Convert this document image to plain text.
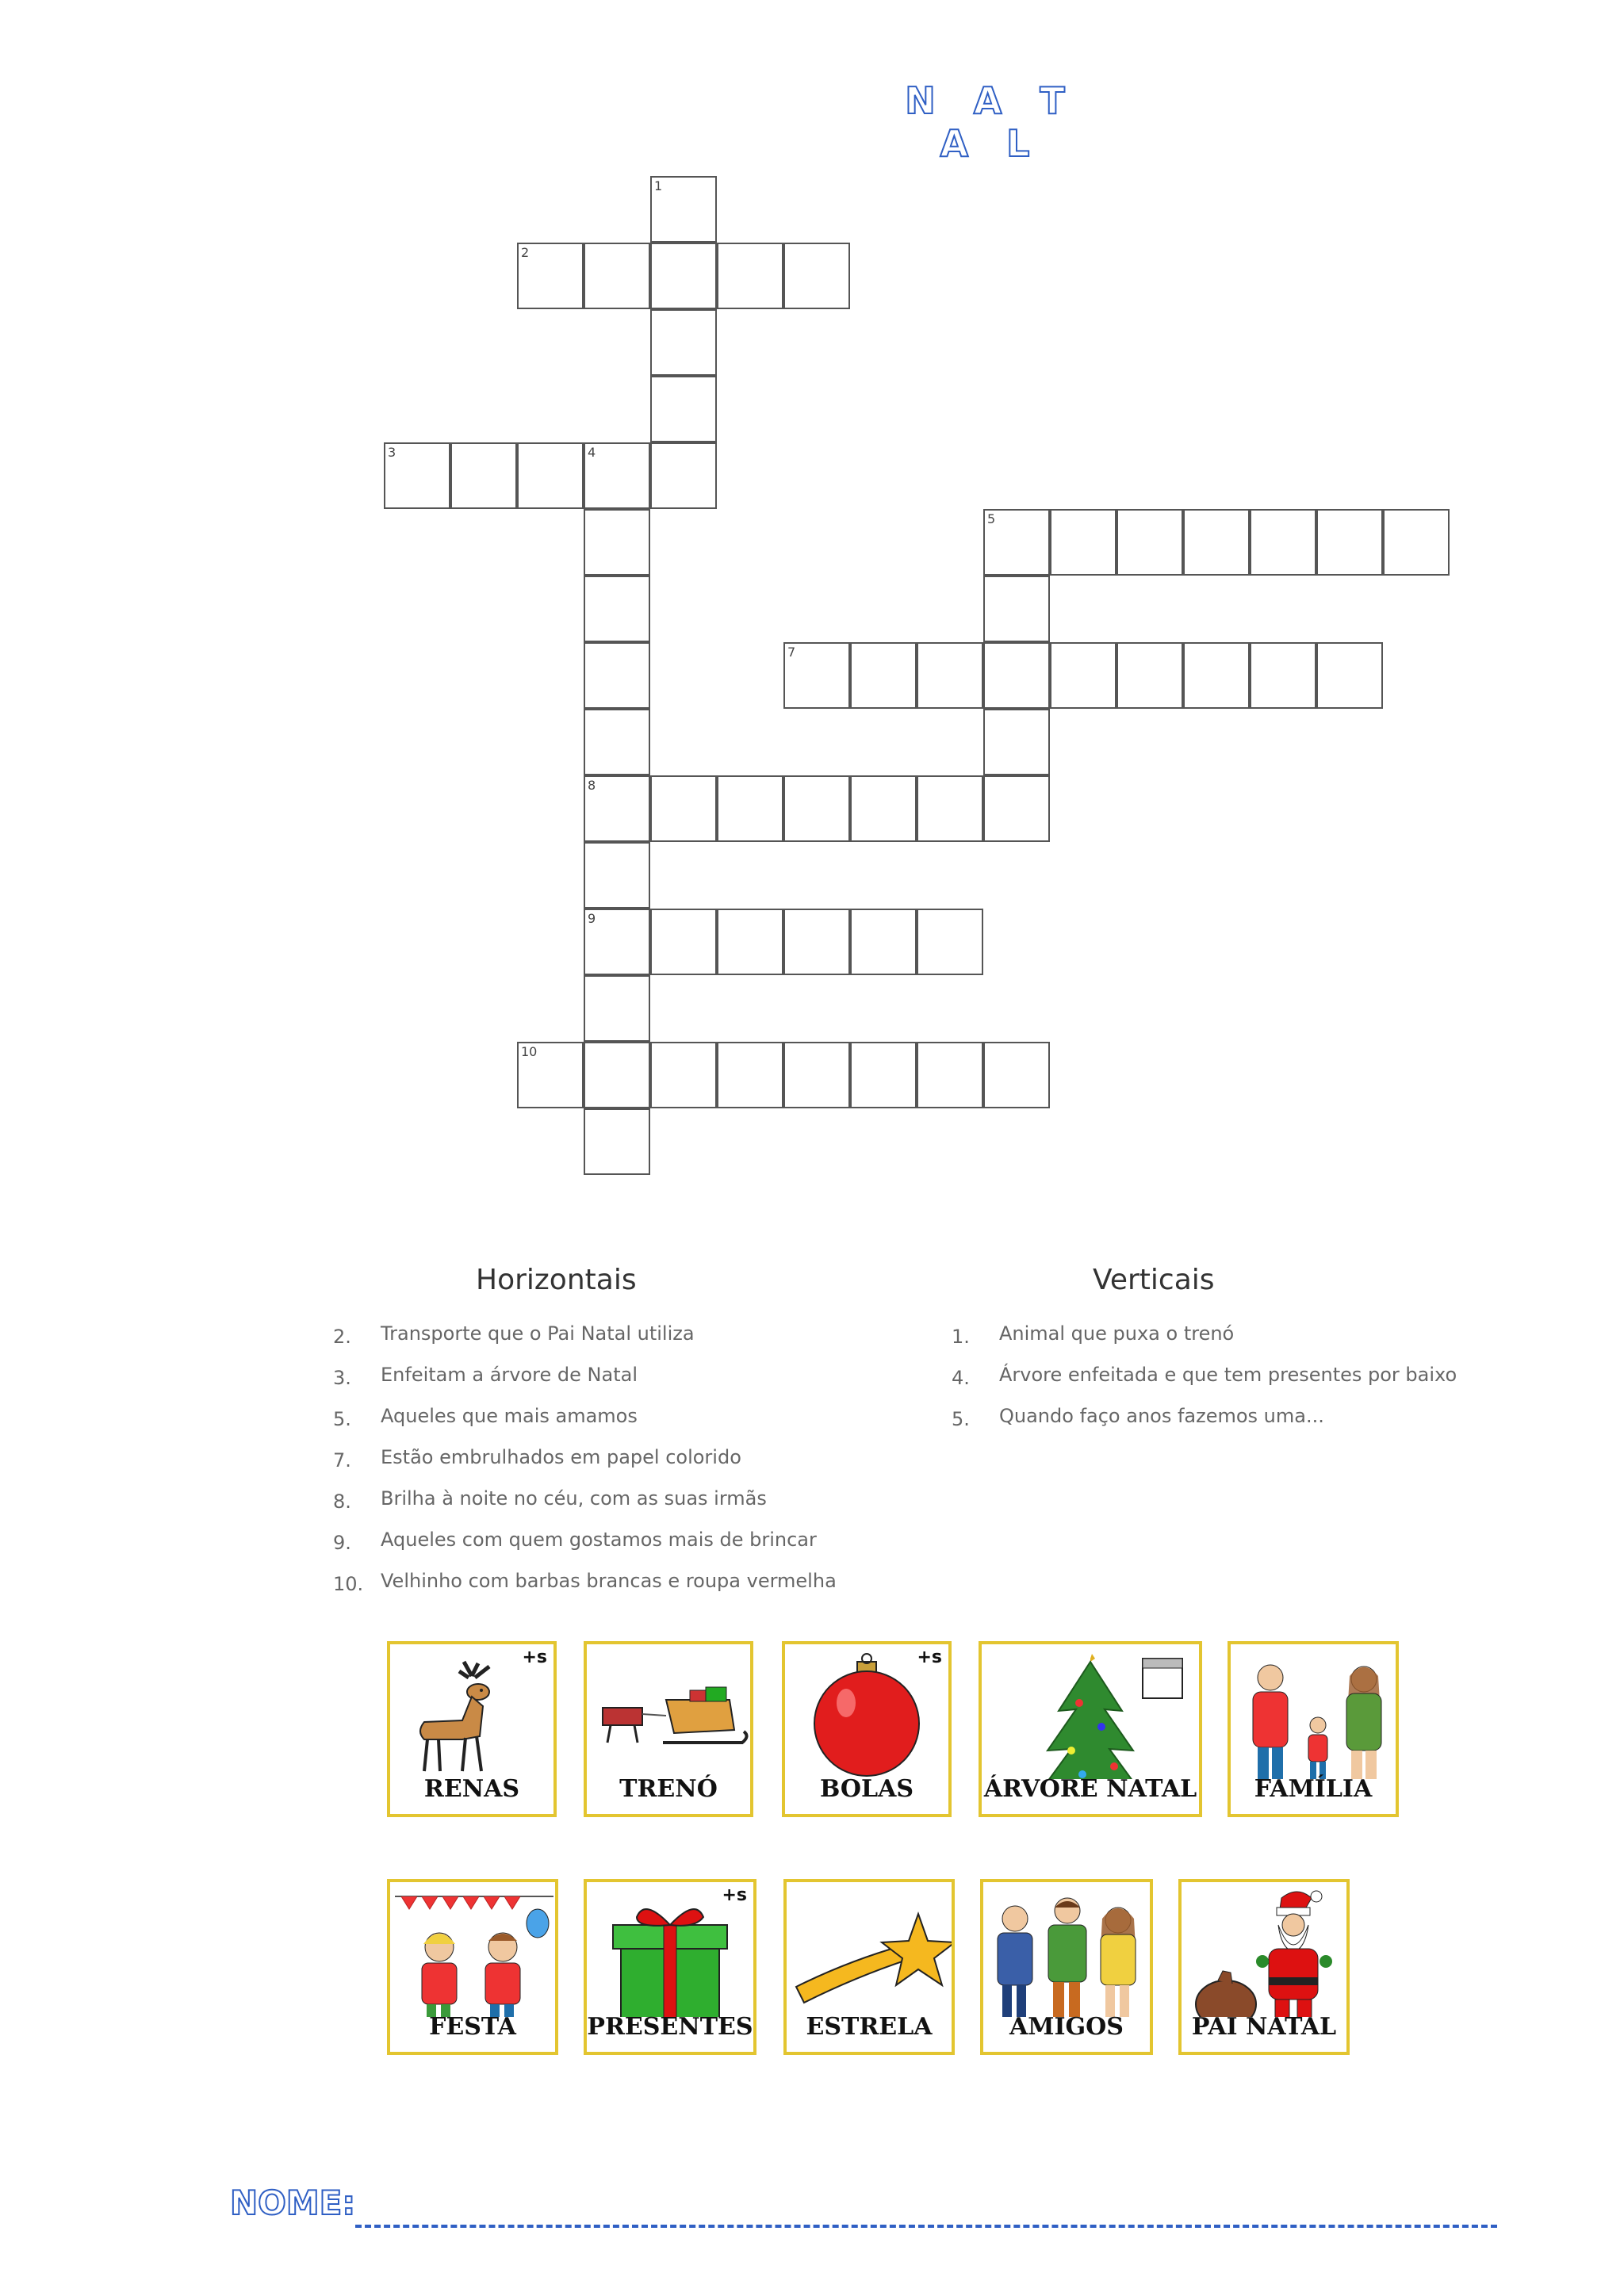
N A T A L
1
2
3	4
8
9
5
7
10
Horizontais
2.	Transporte que o Pai Natal utiliza
3.	Enfeitam a árvore de Natal
5.	Aqueles que mais amamos
7.	Estão embrulhados em papel colorido
8.	Brilha à noite no céu, com as suas irmãs
9.	Aqueles com quem gostamos mais de brincar
10. Velhinho com barbas brancas e roupa vermelha
Verticais
1.	Animal que puxa o trenó
4.	Árvore enfeitada e que tem presentes por baixo
5.	Quando faço anos fazemos uma...
+s
RENAS	TRENÓ
+s
BOLAS	ÁRVORE NATAL	FAMÍLIA
FESTA
+s
PRESENTES	ESTRELA	AMIGOS	PAI NATAL
NOME:
